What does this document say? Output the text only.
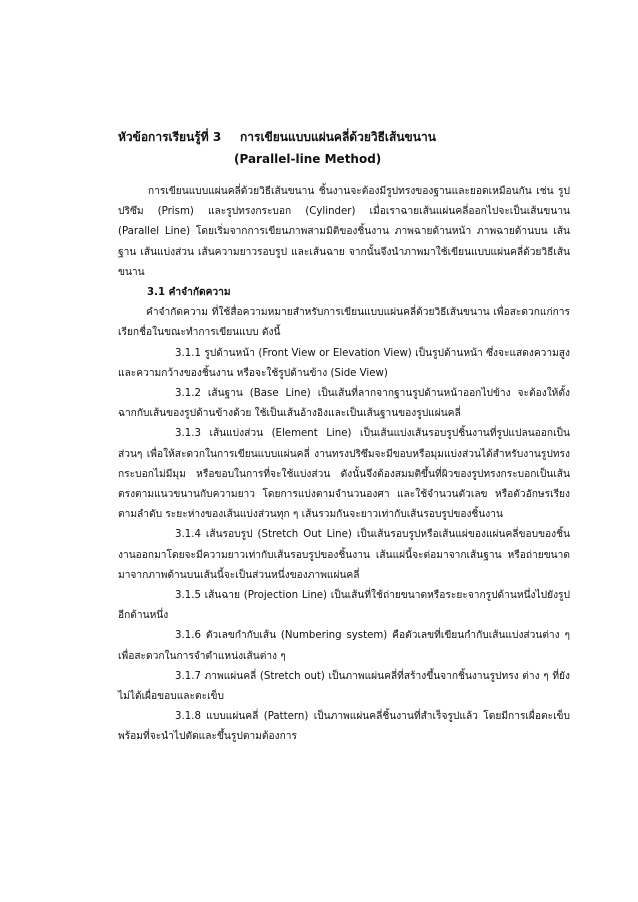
หัวข้อการเรียนรู้ที่ 3 การเขียนแบบแผ่นคลี่ด้วยวิธีเส้นขนาน
(Parallel-line Method)

การเขียนแบบแผ่นคลี่ด้วยวิธีเส้นขนาน ชิ้นงานจะต้องมีรูปทรงของฐานและยอดเหมือนกัน เช่น รูปปริซึม (Prism) และรูปทรงกระบอก (Cylinder) เมื่อเราฉายเส้นแผ่นคลี่ออกไปจะเป็นเส้นขนาน (Parallel Line) โดยเริ่มจากการเขียนภาพสามมิติของชิ้นงาน ภาพฉายด้านหน้า ภาพฉายด้านบน เส้นฐาน เส้นแบ่งส่วน เส้นความยาวรอบรูป และเส้นฉาย จากนั้นจึงนำภาพมาใช้เขียนแบบแผ่นคลี่ด้วยวิธีเส้นขนาน

3.1 คำจำกัดความ

คำจำกัดความ ที่ใช้สื่อความหมายสำหรับการเขียนแบบแผ่นคลี่ด้วยวิธีเส้นขนาน เพื่อสะดวกแก่การเรียกชื่อในขณะทำการเขียนแบบ ดังนี้

3.1.1 รูปด้านหน้า (Front View or Elevation View) เป็นรูปด้านหน้า ซึ่งจะแสดงความสูงและความกว้างของชิ้นงาน หรือจะใช้รูปด้านข้าง (Side View)

3.1.2 เส้นฐาน (Base Line) เป็นเส้นที่ลากจากฐานรูปด้านหน้าออกไปข้าง จะต้องให้ตั้งฉากกับเส้นของรูปด้านข้างด้วย ใช้เป็นเส้นอ้างอิงและเป็นเส้นฐานของรูปแผ่นคลี่

3.1.3 เส้นแบ่งส่วน (Element Line) เป็นเส้นแบ่งเส้นรอบรูปชิ้นงานที่รูปแปลนออกเป็นส่วนๆ เพื่อให้สะดวกในการเขียนแบบแผ่นคลี่ งานทรงปริซึมจะมีขอบหรือมุมแบ่งส่วนได้สำหรับงานรูปทรงกระบอกไม่มีมุม หรือขอบในการที่จะใช้แบ่งส่วน ดังนั้นจึงต้องสมมติขึ้นที่ผิวของรูปทรงกระบอกเป็นเส้นตรงตามแนวขนานกับความยาว โดยการแบ่งตามจำนวนองศา และใช้จำนวนตัวเลข หรือตัวอักษรเรียงตามลำดับ ระยะห่างของเส้นแบ่งส่วนทุก ๆ เส้นรวมกันจะยาวเท่ากับเส้นรอบรูปของชิ้นงาน

3.1.4 เส้นรอบรูป (Stretch Out Line) เป็นเส้นรอบรูปหรือเส้นแผ่ของแผ่นคลี่ขอบของชิ้นงานออกมาโดยจะมีความยาวเท่ากับเส้นรอบรูปของชิ้นงาน เส้นแผ่นี้จะต่อมาจากเส้นฐาน หรือถ่ายขนาดมาจากภาพด้านบนเส้นนี้จะเป็นส่วนหนึ่งของภาพแผ่นคลี่

3.1.5 เส้นฉาย (Projection Line) เป็นเส้นที่ใช้ถ่ายขนาดหรือระยะจากรูปด้านหนึ่งไปยังรูปอีกด้านหนึ่ง

3.1.6 ตัวเลขกำกับเส้น (Numbering system) คือตัวเลขที่เขียนกำกับเส้นแบ่งส่วนต่าง ๆ เพื่อสะดวกในการจำตำแหน่งเส้นต่าง ๆ

3.1.7 ภาพแผ่นคลี่ (Stretch out) เป็นภาพแผ่นคลี่ที่สร้างขึ้นจากชิ้นงานรูปทรง ต่าง ๆ ที่ยังไม่ได้เผื่อขอบและตะเข็บ

3.1.8 แบบแผ่นคลี่ (Pattern) เป็นภาพแผ่นคลี่ชิ้นงานที่สำเร็จรูปแล้ว โดยมีการเผื่อตะเข็บพร้อมที่จะนำไปตัดและขึ้นรูปตามต้องการ
